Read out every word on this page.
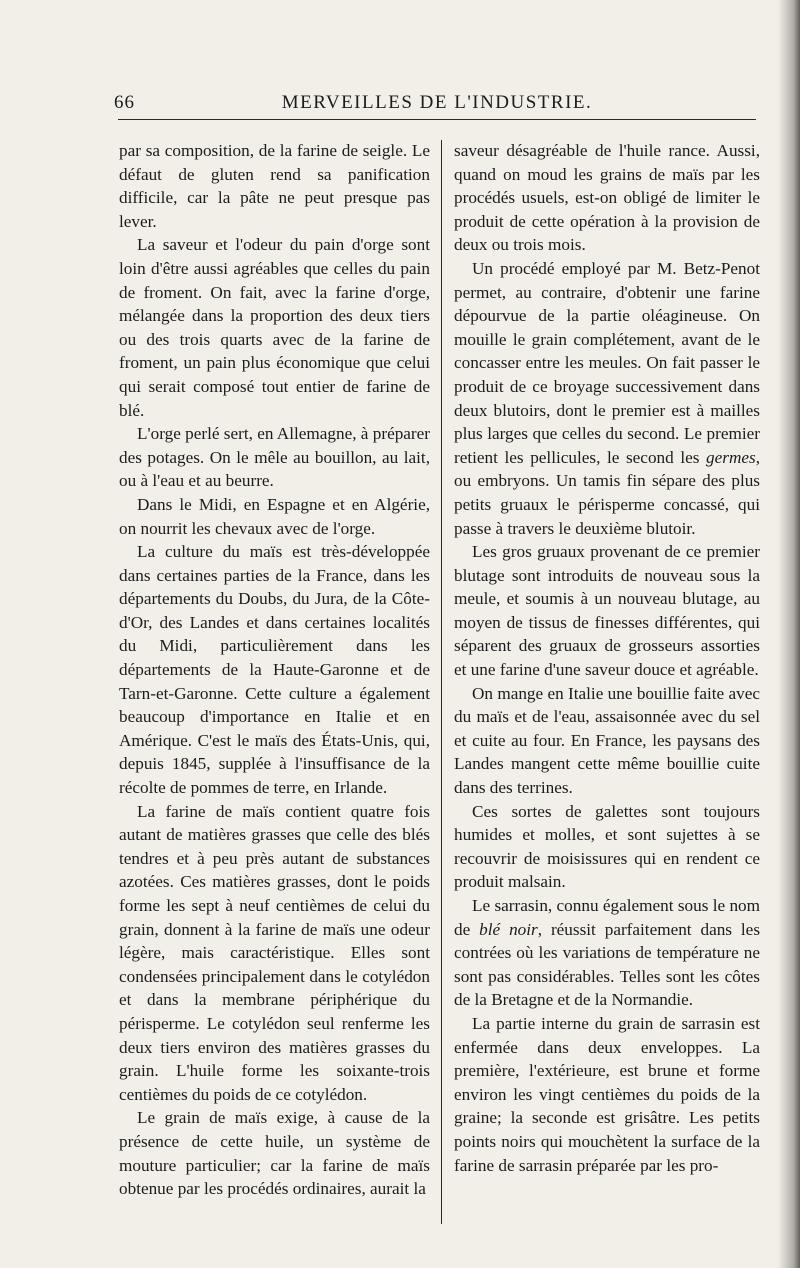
66	MERVEILLES DE L'INDUSTRIE.

par sa composition, de la farine de seigle. Le défaut de gluten rend sa panification difficile, car la pâte ne peut presque pas lever.

La saveur et l'odeur du pain d'orge sont loin d'être aussi agréables que celles du pain de froment. On fait, avec la farine d'orge, mélangée dans la proportion des deux tiers ou des trois quarts avec de la farine de froment, un pain plus économique que celui qui serait composé tout entier de farine de blé.

L'orge perlé sert, en Allemagne, à préparer des potages. On le mêle au bouillon, au lait, ou à l'eau et au beurre.

Dans le Midi, en Espagne et en Algérie, on nourrit les chevaux avec de l'orge.

La culture du maïs est très-développée dans certaines parties de la France, dans les départements du Doubs, du Jura, de la Côte-d'Or, des Landes et dans certaines localités du Midi, particulièrement dans les départements de la Haute-Garonne et de Tarn-et-Garonne. Cette culture a également beaucoup d'importance en Italie et en Amérique. C'est le maïs des États-Unis, qui, depuis 1845, supplée à l'insuffisance de la récolte de pommes de terre, en Irlande.

La farine de maïs contient quatre fois autant de matières grasses que celle des blés tendres et à peu près autant de substances azotées. Ces matières grasses, dont le poids forme les sept à neuf centièmes de celui du grain, donnent à la farine de maïs une odeur légère, mais caractéristique. Elles sont condensées principalement dans le cotylédon et dans la membrane périphérique du périsperme. Le cotylédon seul renferme les deux tiers environ des matières grasses du grain. L'huile forme les soixante-trois centièmes du poids de ce cotylédon.

Le grain de maïs exige, à cause de la présence de cette huile, un système de mouture particulier; car la farine de maïs obtenue par les procédés ordinaires, aurait la

saveur désagréable de l'huile rance. Aussi, quand on moud les grains de maïs par les procédés usuels, est-on obligé de limiter le produit de cette opération à la provision de deux ou trois mois.

Un procédé employé par M. Betz-Penot permet, au contraire, d'obtenir une farine dépourvue de la partie oléagineuse. On mouille le grain complétement, avant de le concasser entre les meules. On fait passer le produit de ce broyage successivement dans deux blutoirs, dont le premier est à mailles plus larges que celles du second. Le premier retient les pellicules, le second les germes, ou embryons. Un tamis fin sépare des plus petits gruaux le périsperme concassé, qui passe à travers le deuxième blutoir.

Les gros gruaux provenant de ce premier blutage sont introduits de nouveau sous la meule, et soumis à un nouveau blutage, au moyen de tissus de finesses différentes, qui séparent des gruaux de grosseurs assorties et une farine d'une saveur douce et agréable.

On mange en Italie une bouillie faite avec du maïs et de l'eau, assaisonnée avec du sel et cuite au four. En France, les paysans des Landes mangent cette même bouillie cuite dans des terrines.

Ces sortes de galettes sont toujours humides et molles, et sont sujettes à se recouvrir de moisissures qui en rendent ce produit malsain.

Le sarrasin, connu également sous le nom de blé noir, réussit parfaitement dans les contrées où les variations de température ne sont pas considérables. Telles sont les côtes de la Bretagne et de la Normandie.

La partie interne du grain de sarrasin est enfermée dans deux enveloppes. La première, l'extérieure, est brune et forme environ les vingt centièmes du poids de la graine; la seconde est grisâtre. Les petits points noirs qui mouchètent la surface de la farine de sarrasin préparée par les pro-
